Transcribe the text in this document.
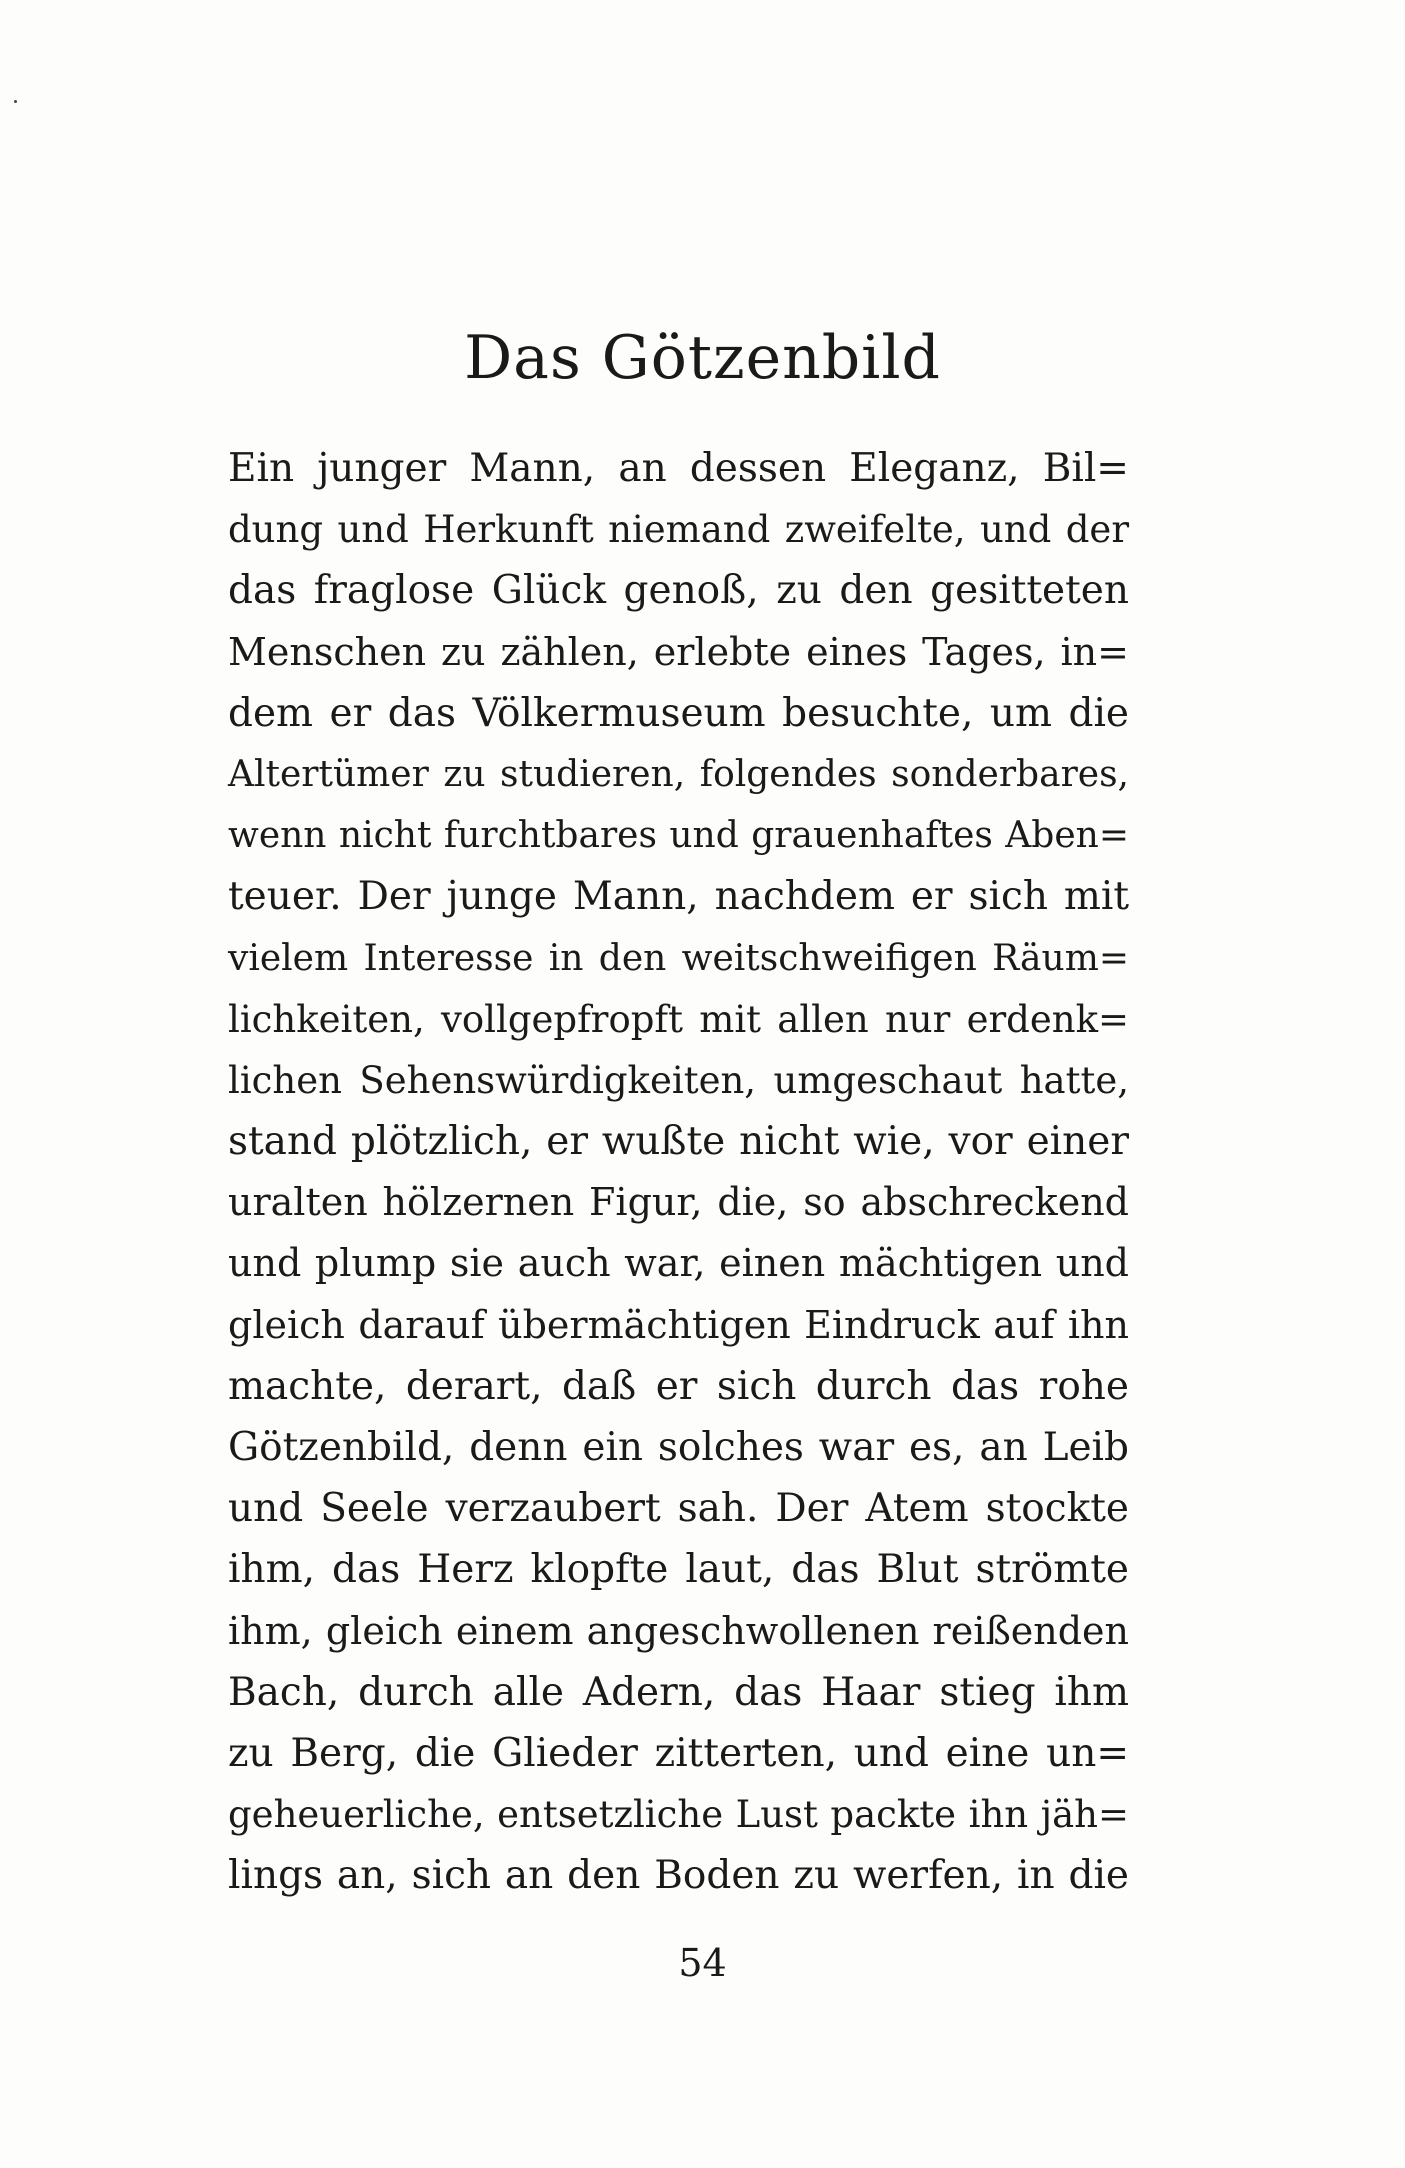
Das Götzenbild
Ein junger Mann, an dessen Eleganz, Bil=
dung und Herkunft niemand zweifelte, und der
das fraglose Glück genoß, zu den gesitteten
Menschen zu zählen, erlebte eines Tages, in=
dem er das Völkermuseum besuchte, um die
Altertümer zu studieren, folgendes sonderbares,
wenn nicht furchtbares und grauenhaftes Aben=
teuer. Der junge Mann, nachdem er sich mit
vielem Interesse in den weitschweifigen Räum=
lichkeiten, vollgepfropft mit allen nur erdenk=
lichen Sehenswürdigkeiten, umgeschaut hatte,
stand plötzlich, er wußte nicht wie, vor einer
uralten hölzernen Figur, die, so abschreckend
und plump sie auch war, einen mächtigen und
gleich darauf übermächtigen Eindruck auf ihn
machte, derart, daß er sich durch das rohe
Götzenbild, denn ein solches war es, an Leib
und Seele verzaubert sah. Der Atem stockte
ihm, das Herz klopfte laut, das Blut strömte
ihm, gleich einem angeschwollenen reißenden
Bach, durch alle Adern, das Haar stieg ihm
zu Berg, die Glieder zitterten, und eine un=
geheuerliche, entsetzliche Lust packte ihn jäh=
lings an, sich an den Boden zu werfen, in die
54
